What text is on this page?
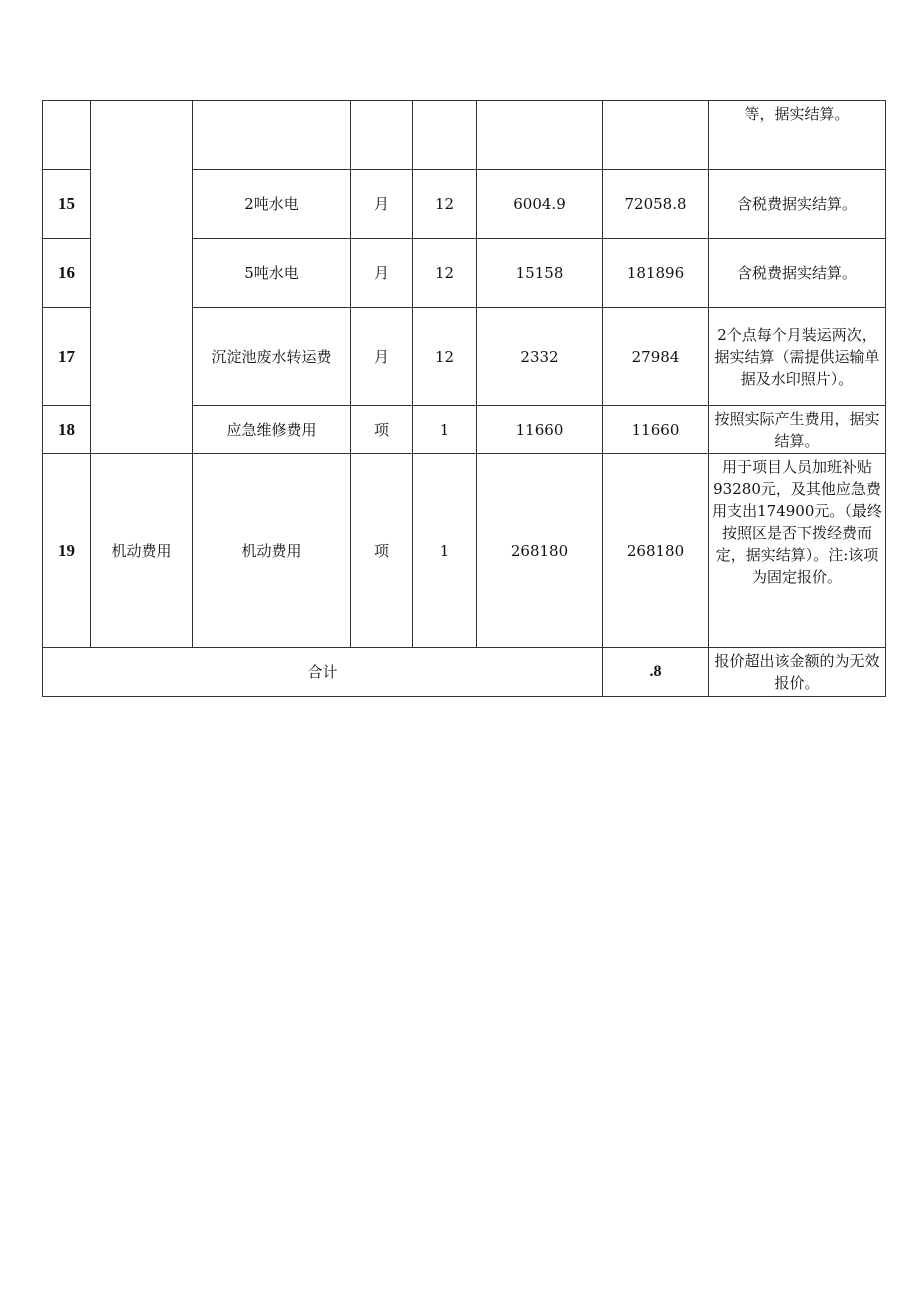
							等，据实结算。
15		2吨水电	月	12	6004.9	72058.8	含税费据实结算。
16		5吨水电	月	12	15158	181896	含税费据实结算。
17		沉淀池废水转运费	月	12	2332	27984	2个点每个月装运两次，据实结算（需提供运输单据及水印照片）。
18		应急维修费用	项	1	11660	11660	按照实际产生费用，据实结算。
19	机动费用	机动费用	项	1	268180	268180	用于项目人员加班补贴93280元，及其他应急费用支出174900元。（最终按照区是否下拨经费而定，据实结算）。注:该项为固定报价。
合计						.8	报价超出该金额的为无效报价。
